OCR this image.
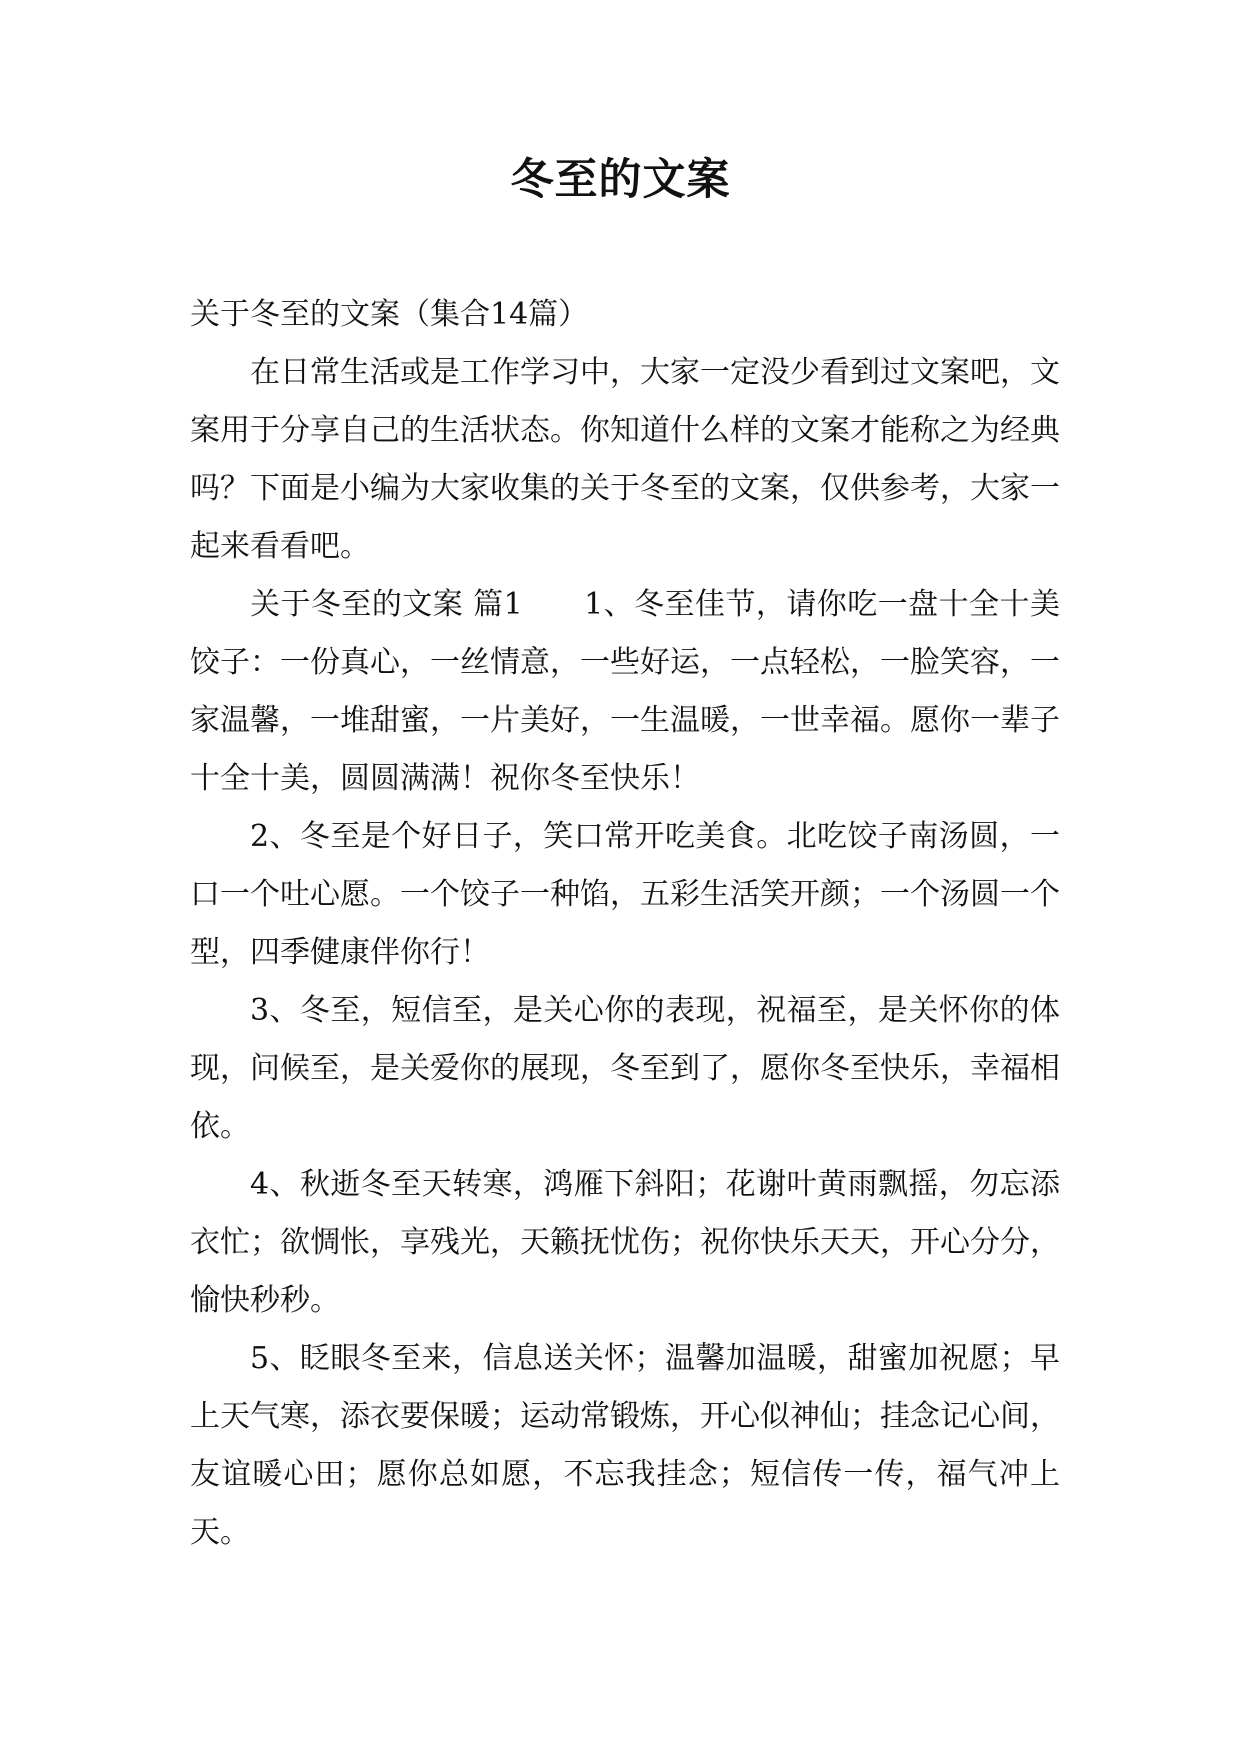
冬至的文案

关于冬至的文案（集合14篇）

在日常生活或是工作学习中，大家一定没少看到过文案吧，文案用于分享自己的生活状态。你知道什么样的文案才能称之为经典吗？下面是小编为大家收集的关于冬至的文案，仅供参考，大家一起来看看吧。

关于冬至的文案 篇1　　1、冬至佳节，请你吃一盘十全十美饺子：一份真心，一丝情意，一些好运，一点轻松，一脸笑容，一家温馨，一堆甜蜜，一片美好，一生温暖，一世幸福。愿你一辈子十全十美，圆圆满满！祝你冬至快乐！

2、冬至是个好日子，笑口常开吃美食。北吃饺子南汤圆，一口一个吐心愿。一个饺子一种馅，五彩生活笑开颜；一个汤圆一个型，四季健康伴你行！

3、冬至，短信至，是关心你的表现，祝福至，是关怀你的体现，问候至，是关爱你的展现，冬至到了，愿你冬至快乐，幸福相依。

4、秋逝冬至天转寒，鸿雁下斜阳；花谢叶黄雨飘摇，勿忘添衣忙；欲惆怅，享残光，天籁抚忧伤；祝你快乐天天，开心分分，愉快秒秒。

5、眨眼冬至来，信息送关怀；温馨加温暖，甜蜜加祝愿；早上天气寒，添衣要保暖；运动常锻炼，开心似神仙；挂念记心间，友谊暖心田；愿你总如愿，不忘我挂念；短信传一传，福气冲上天。
